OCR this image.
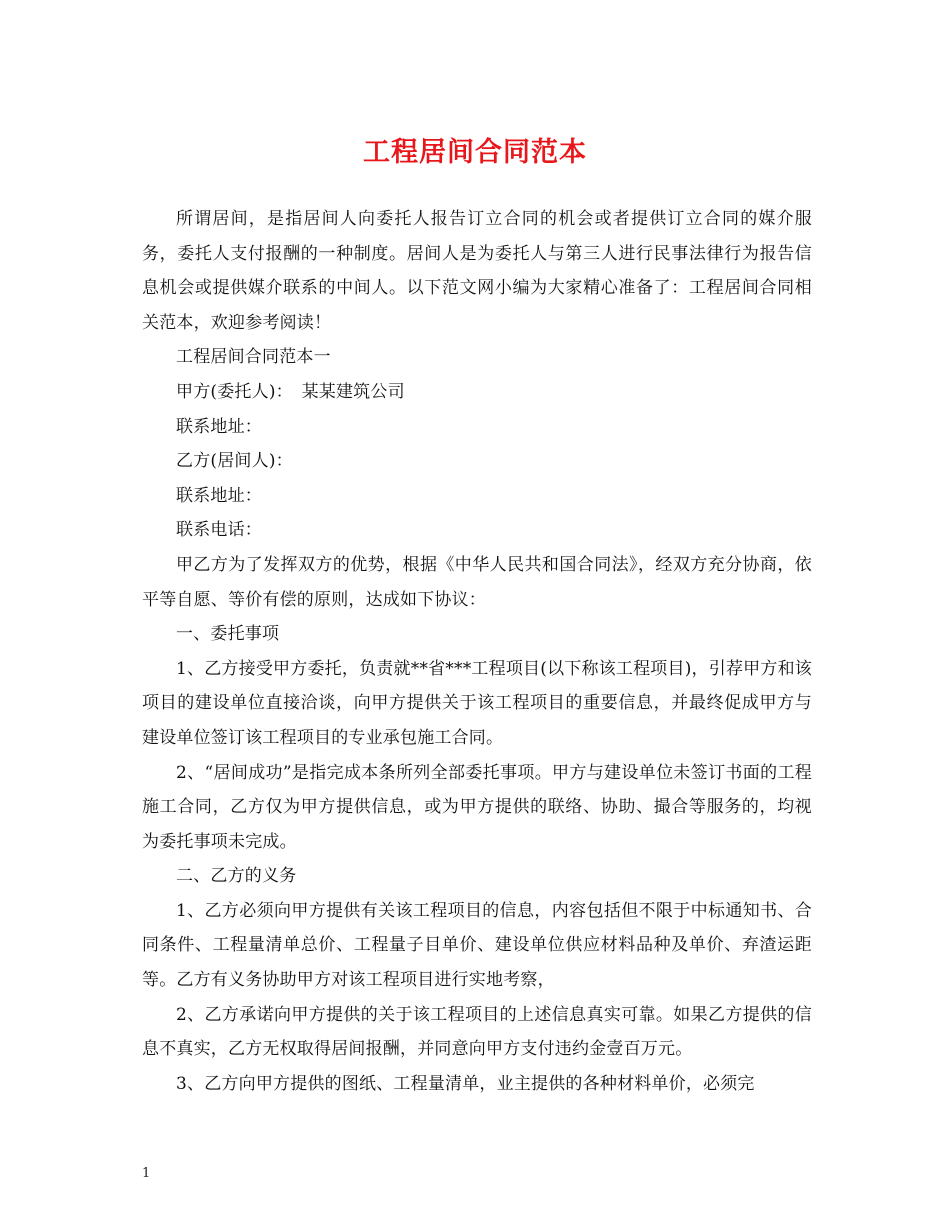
工程居间合同范本

所谓居间，是指居间人向委托人报告订立合同的机会或者提供订立合同的媒介服务，委托人支付报酬的一种制度。居间人是为委托人与第三人进行民事法律行为报告信息机会或提供媒介联系的中间人。以下范文网小编为大家精心准备了：工程居间合同相关范本，欢迎参考阅读！

工程居间合同范本一

甲方(委托人)：　某某建筑公司

联系地址：

乙方(居间人)：

联系地址：

联系电话：

甲乙方为了发挥双方的优势，根据《中华人民共和国合同法》，经双方充分协商，依平等自愿、等价有偿的原则，达成如下协议：

一、委托事项

1、乙方接受甲方委托，负责就**省***工程项目(以下称该工程项目)，引荐甲方和该项目的建设单位直接洽谈，向甲方提供关于该工程项目的重要信息，并最终促成甲方与建设单位签订该工程项目的专业承包施工合同。

2、“居间成功”是指完成本条所列全部委托事项。甲方与建设单位未签订书面的工程施工合同，乙方仅为甲方提供信息，或为甲方提供的联络、协助、撮合等服务的，均视为委托事项未完成。

二、乙方的义务

1、乙方必须向甲方提供有关该工程项目的信息，内容包括但不限于中标通知书、合同条件、工程量清单总价、工程量子目单价、建设单位供应材料品种及单价、弃渣运距等。乙方有义务协助甲方对该工程项目进行实地考察，

2、乙方承诺向甲方提供的关于该工程项目的上述信息真实可靠。如果乙方提供的信息不真实，乙方无权取得居间报酬，并同意向甲方支付违约金壹百万元。

3、乙方向甲方提供的图纸、工程量清单，业主提供的各种材料单价，必须完

1
